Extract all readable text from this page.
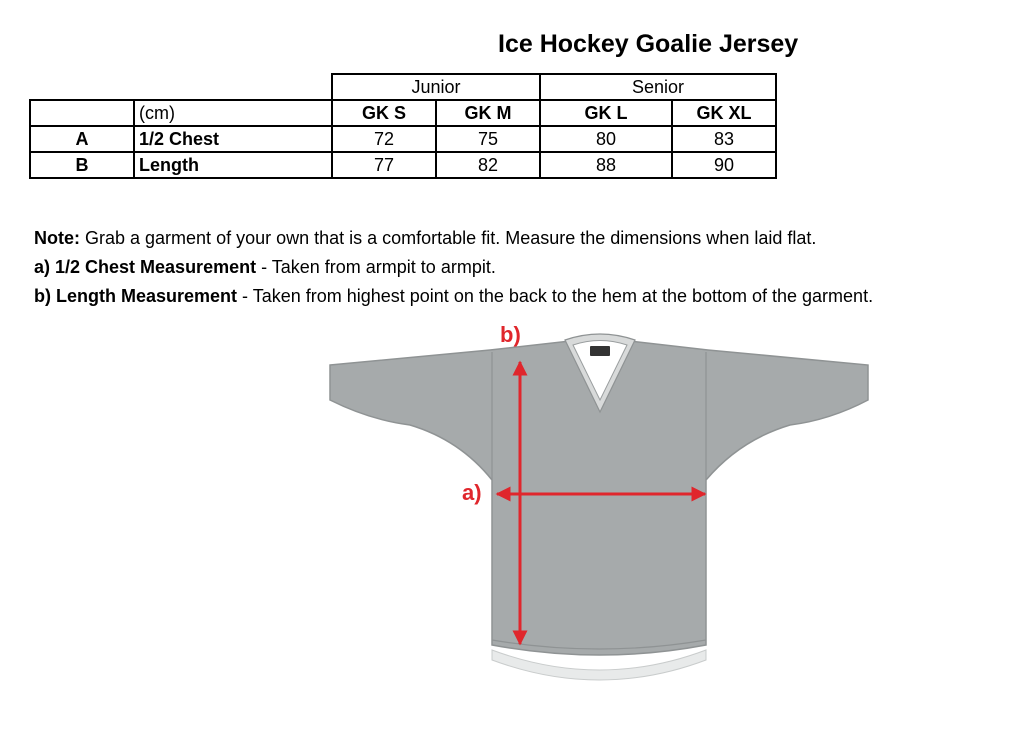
Ice Hockey Goalie Jersey
		Junior		Senior	
	(cm)	GK S	GK M	GK L	GK XL
A	1/2 Chest	72	75	80	83
B	Length	77	82	88	90
Note: Grab a garment of your own that is a comfortable fit. Measure the dimensions when laid flat.
a) 1/2 Chest Measurement - Taken from armpit to armpit.
b) Length Measurement - Taken from highest point on the back to the hem at the bottom of the garment.
b)
a)
